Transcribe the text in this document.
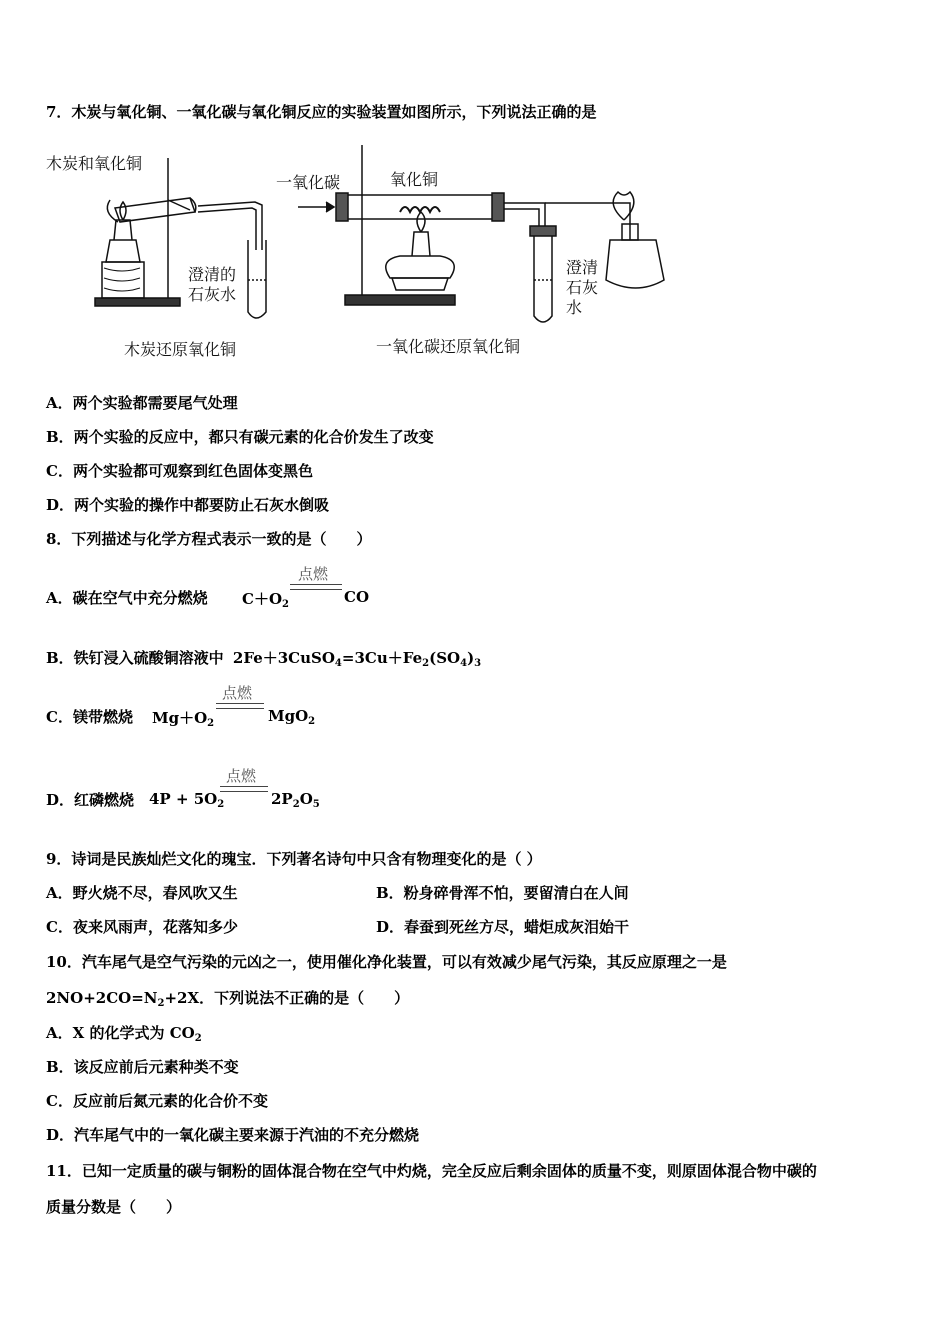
7．木炭与氧化铜、一氧化碳与氧化铜反应的实验装置如图所示，下列说法正确的是
木炭和氧化铜
澄清的
石灰水
木炭还原氧化铜
一氧化碳	氧化铜
澄清
石灰
水
一氧化碳还原氧化铜
A．两个实验都需要尾气处理
B．两个实验的反应中，都只有碳元素的化合价发生了改变
C．两个实验都可观察到红色固体变黑色
D．两个实验的操作中都要防止石灰水倒吸
8．下列描述与化学方程式表示一致的是（　　）
A．碳在空气中充分燃烧 $C+O_2$
点燃
CO
B．铁钉浸入硫酸铜溶液中 $2Fe+3CuSO_4=3Cu+Fe_2(SO_4)_3$
C．镁带燃烧 $Mg+O_2$
点燃
MgO$_2$
D．红磷燃烧 $4P + 5O_2$
点燃
$2P_2O_5$
9．诗词是民族灿烂文化的瑰宝．下列著名诗句中只含有物理变化的是（ ）
A．野火烧不尽，春风吹又生	B．粉身碎骨浑不怕，要留清白在人间
C．夜来风雨声，花落知多少	D．春蚕到死丝方尽，蜡炬成灰泪始干
10．汽车尾气是空气污染的元凶之一，使用催化净化装置，可以有效减少尾气污染，其反应原理之一是
$2NO+2CO=N_2+2X$．下列说法不正确的是（　　）
A．X 的化学式为 $CO_2$
B．该反应前后元素种类不变
C．反应前后氮元素的化合价不变
D．汽车尾气中的一氧化碳主要来源于汽油的不充分燃烧
11．已知一定质量的碳与铜粉的固体混合物在空气中灼烧，完全反应后剩余固体的质量不变，则原固体混合物中碳的
质量分数是（　　）
